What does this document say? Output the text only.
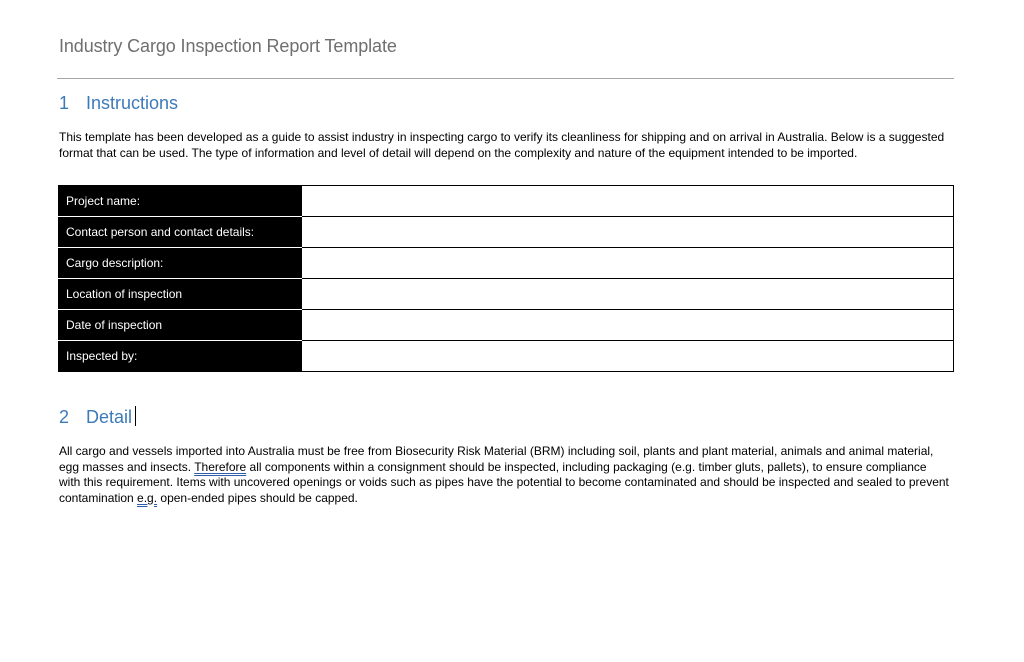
Industry Cargo Inspection Report Template
1 Instructions
This template has been developed as a guide to assist industry in inspecting cargo to verify its cleanliness for shipping and on arrival in Australia. Below is a suggested format that can be used. The type of information and level of detail will depend on the complexity and nature of the equipment intended to be imported.
Project name:	
Contact person and contact details:	
Cargo description:	
Location of inspection	
Date of inspection	
Inspected by:	
2 Detail
All cargo and vessels imported into Australia must be free from Biosecurity Risk Material (BRM) including soil, plants and plant material, animals and animal material, egg masses and insects. Therefore all components within a consignment should be inspected, including packaging (e.g. timber gluts, pallets), to ensure compliance with this requirement. Items with uncovered openings or voids such as pipes have the potential to become contaminated and should be inspected and sealed to prevent contamination e.g. open-ended pipes should be capped.
